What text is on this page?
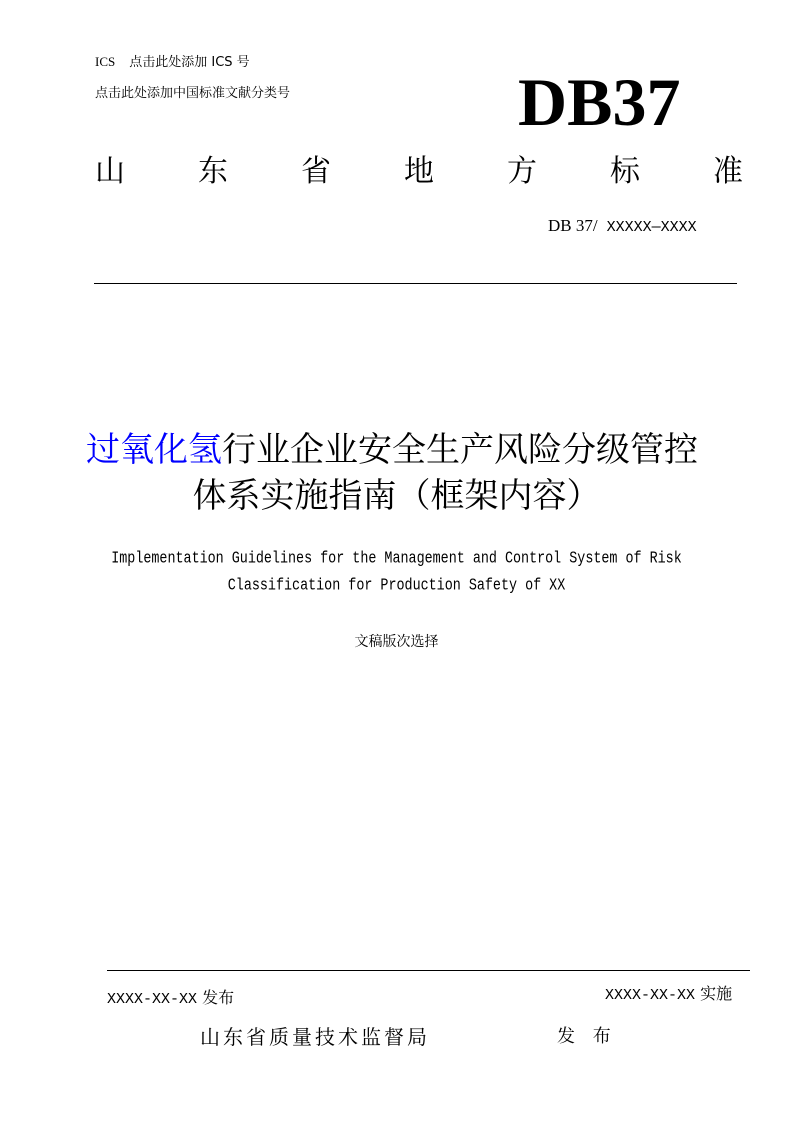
ICS 点击此处添加 ICS 号
点击此处添加中国标准文献分类号	DB37
山 东 省 地 方 标 准
DB 37/ XXXXX—XXXX
过氧化氢行业企业安全生产风险分级管控
体系实施指南（框架内容）
Implementation Guidelines for the Management and Control System of Risk
Classification for Production Safety of XX
文稿版次选择
XXXX-XX-XX 发布	XXXX-XX-XX 实施
山东省质量技术监督局	发 布
